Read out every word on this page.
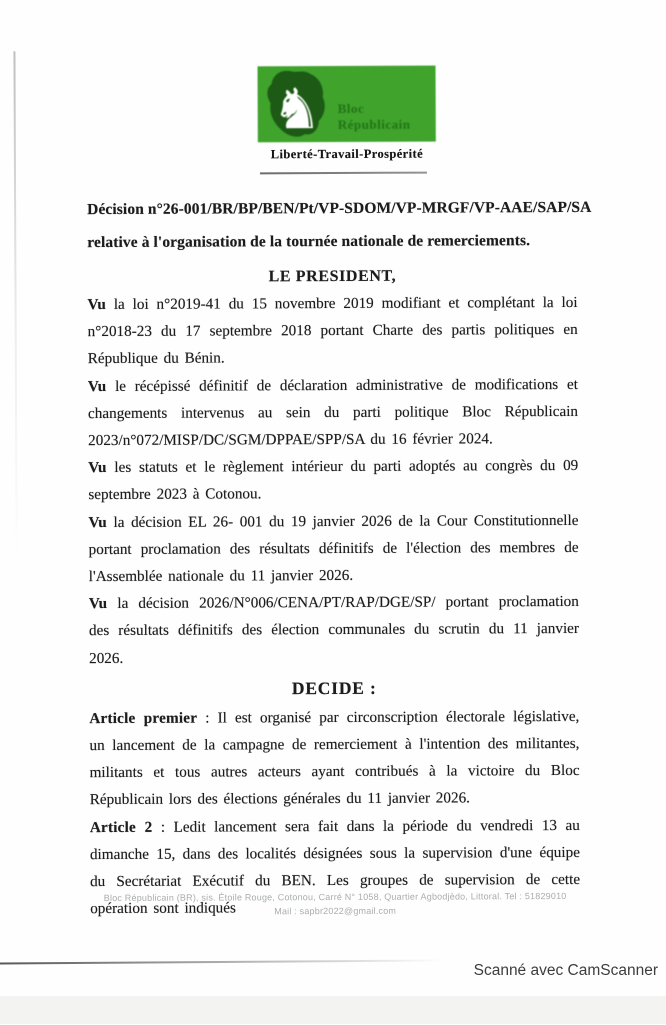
♞ Bloc
Républicain
Liberté-Travail-Prospérité
Décision n°26-001/BR/BP/BEN/Pt/VP-SDOM/VP-MRGF/VP-AAE/SAP/SA
relative à l'organisation de la tournée nationale de remerciements.
LE PRESIDENT,

Vu la loi n°2019-41 du 15 novembre 2019 modifiant et complétant la loi n°2018-23 du 17 septembre 2018 portant Charte des partis politiques en République du Bénin.

Vu le récépissé définitif de déclaration administrative de modifications et changements intervenus au sein du parti politique Bloc Républicain 2023/n°072/MISP/DC/SGM/DPPAE/SPP/SA du 16 février 2024.

Vu les statuts et le règlement intérieur du parti adoptés au congrès du 09 septembre 2023 à Cotonou.

Vu la décision EL 26- 001 du 19 janvier 2026 de la Cour Constitutionnelle portant proclamation des résultats définitifs de l'élection des membres de l'Assemblée nationale du 11 janvier 2026.

Vu la décision 2026/N°006/CENA/PT/RAP/DGE/SP/ portant proclamation des résultats définitifs des élection communales du scrutin du 11 janvier 2026.

DECIDE :

Article premier : Il est organisé par circonscription électorale législative, un lancement de la campagne de remerciement à l'intention des militantes, militants et tous autres acteurs ayant contribués à la victoire du Bloc Républicain lors des élections générales du 11 janvier 2026.

Article 2 : Ledit lancement sera fait dans la période du vendredi 13 au dimanche 15, dans des localités désignées sous la supervision d'une équipe du Secrétariat Exécutif du BEN. Les groupes de supervision de cette opération sont indiqués

Bloc Républicain (BR), sis. Étoile Rouge, Cotonou, Carré N° 1058, Quartier Agbodjèdo, Littoral. Tel : 51829010
Mail : sapbr2022@gmail.com
Scanné avec CamScanner
